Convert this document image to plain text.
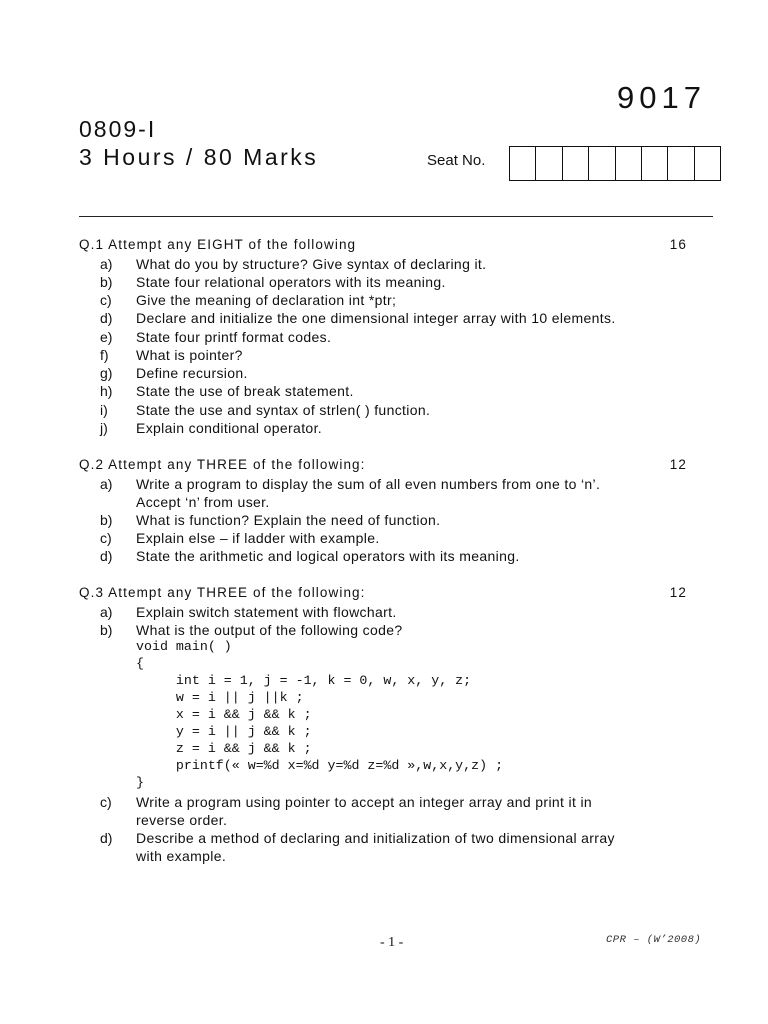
9017
0809-I
3 Hours / 80 Marks	Seat No.
Q.1 Attempt any EIGHT of the following	16
a)	What do you by structure? Give syntax of declaring it.
b)	State four relational operators with its meaning.
c)	Give the meaning of declaration int *ptr;
d)	Declare and initialize the one dimensional integer array with 10 elements.
e)	State four printf format codes.
f)	What is pointer?
g)	Define recursion.
h)	State the use of break statement.
i)	State the use and syntax of strlen( ) function.
j)	Explain conditional operator.
Q.2 Attempt any THREE of the following:	12
a)	Write a program to display the sum of all even numbers from one to ‘n’.
Accept ‘n’ from user.
b)	What is function? Explain the need of function.
c)	Explain else – if ladder with example.
d)	State the arithmetic and logical operators with its meaning.
Q.3 Attempt any THREE of the following:	12
a)	Explain switch statement with flowchart.
b)	What is the output of the following code?
void main( )
{
int i = 1, j = -1, k = 0, w, x, y, z;
w = i || j ||k ;
x = i && j && k ;
y = i || j && k ;
z = i && j && k ;
printf(« w=%d x=%d y=%d z=%d »,w,x,y,z) ;
}
c)	Write a program using pointer to accept an integer array and print it in
reverse order.
d)	Describe a method of declaring and initialization of two dimensional array
with example.
- 1 -	CPR – (W’2008)
